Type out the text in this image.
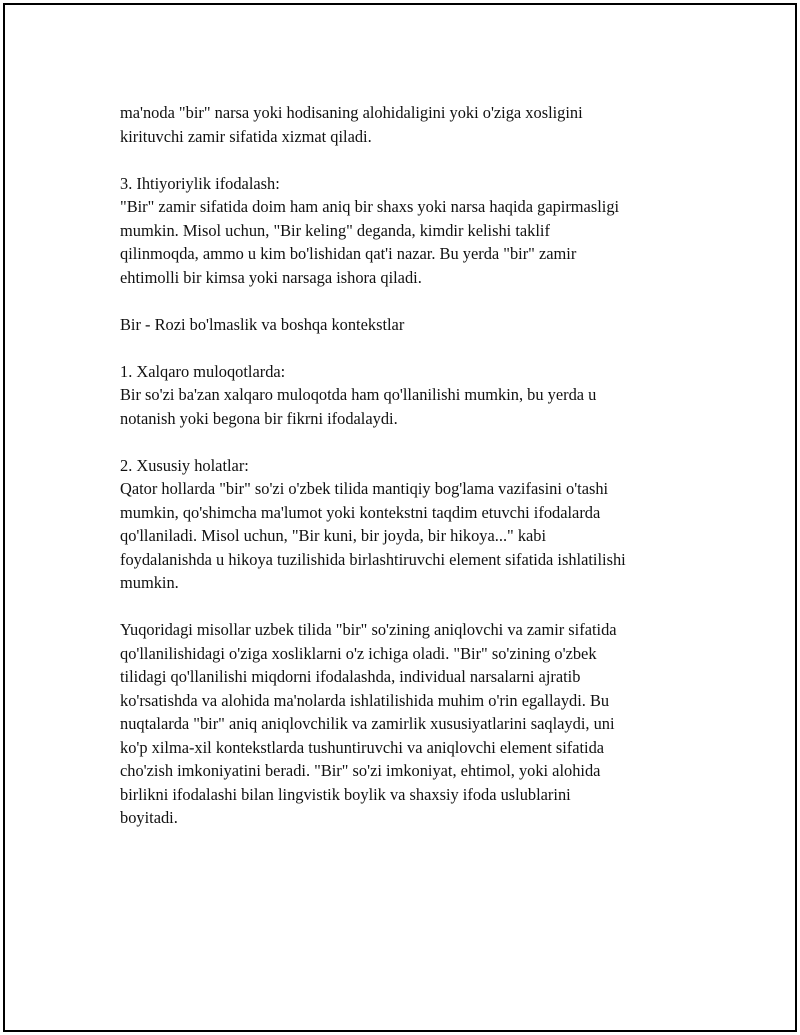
ma'noda "bir" narsa yoki hodisaning alohidaligini yoki o'ziga xosligini
kirituvchi zamir sifatida xizmat qiladi.
3. Ihtiyoriylik ifodalash:
"Bir" zamir sifatida doim ham aniq bir shaxs yoki narsa haqida gapirmasligi
mumkin. Misol uchun, "Bir keling" deganda, kimdir kelishi taklif
qilinmoqda, ammo u kim bo'lishidan qat'i nazar. Bu yerda "bir" zamir
ehtimolli bir kimsa yoki narsaga ishora qiladi.
Bir - Rozi bo'lmaslik va boshqa kontekstlar
1. Xalqaro muloqotlarda:
Bir so'zi ba'zan xalqaro muloqotda ham qo'llanilishi mumkin, bu yerda u
notanish yoki begona bir fikrni ifodalaydi.
2. Xususiy holatlar:
Qator hollarda "bir" so'zi o'zbek tilida mantiqiy bog'lama vazifasini o'tashi
mumkin, qo'shimcha ma'lumot yoki kontekstni taqdim etuvchi ifodalarda
qo'llaniladi. Misol uchun, "Bir kuni, bir joyda, bir hikoya..." kabi
foydalanishda u hikoya tuzilishida birlashtiruvchi element sifatida ishlatilishi
mumkin.
Yuqoridagi misollar uzbek tilida "bir" so'zining aniqlovchi va zamir sifatida
qo'llanilishidagi o'ziga xosliklarni o'z ichiga oladi. "Bir" so'zining o'zbek
tilidagi qo'llanilishi miqdorni ifodalashda, individual narsalarni ajratib
ko'rsatishda va alohida ma'nolarda ishlatilishida muhim o'rin egallaydi. Bu
nuqtalarda "bir" aniq aniqlovchilik va zamirlik xususiyatlarini saqlaydi, uni
ko'p xilma-xil kontekstlarda tushuntiruvchi va aniqlovchi element sifatida
cho'zish imkoniyatini beradi. "Bir" so'zi imkoniyat, ehtimol, yoki alohida
birlikni ifodalashi bilan lingvistik boylik va shaxsiy ifoda uslublarini
boyitadi.
